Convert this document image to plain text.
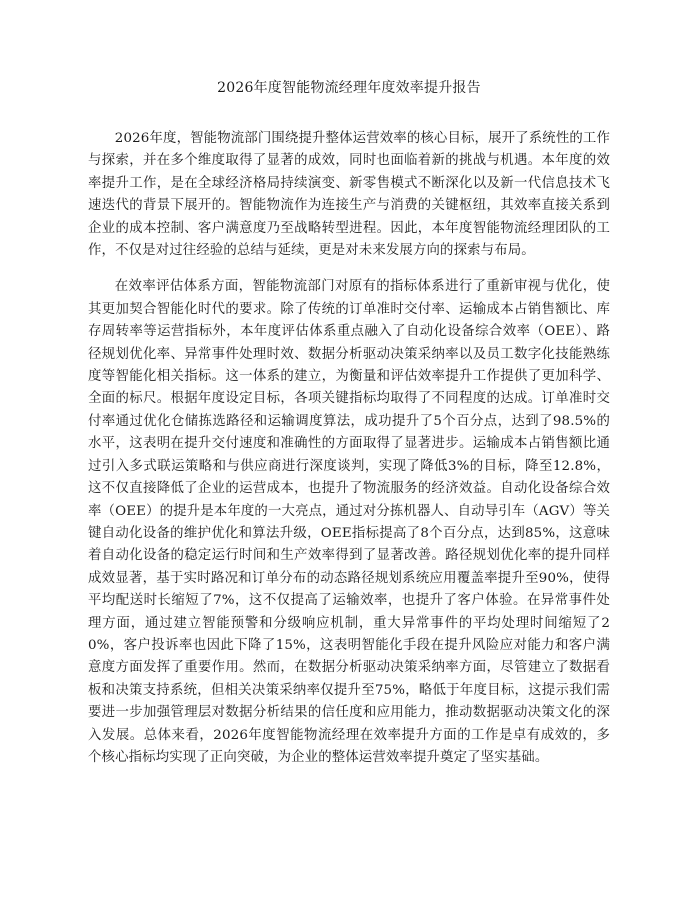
2026年度智能物流经理年度效率提升报告

2026年度，智能物流部门围绕提升整体运营效率的核心目标，展开了系统性的工作与探索，并在多个维度取得了显著的成效，同时也面临着新的挑战与机遇。本年度的效率提升工作，是在全球经济格局持续演变、新零售模式不断深化以及新一代信息技术飞速迭代的背景下展开的。智能物流作为连接生产与消费的关键枢纽，其效率直接关系到企业的成本控制、客户满意度乃至战略转型进程。因此，本年度智能物流经理团队的工作，不仅是对过往经验的总结与延续，更是对未来发展方向的探索与布局。

在效率评估体系方面，智能物流部门对原有的指标体系进行了重新审视与优化，使其更加契合智能化时代的要求。除了传统的订单准时交付率、运输成本占销售额比、库存周转率等运营指标外，本年度评估体系重点融入了自动化设备综合效率（OEE）、路径规划优化率、异常事件处理时效、数据分析驱动决策采纳率以及员工数字化技能熟练度等智能化相关指标。这一体系的建立，为衡量和评估效率提升工作提供了更加科学、全面的标尺。根据年度设定目标，各项关键指标均取得了不同程度的达成。订单准时交付率通过优化仓储拣选路径和运输调度算法，成功提升了5个百分点，达到了98.5%的水平，这表明在提升交付速度和准确性的方面取得了显著进步。运输成本占销售额比通过引入多式联运策略和与供应商进行深度谈判，实现了降低3%的目标，降至12.8%，这不仅直接降低了企业的运营成本，也提升了物流服务的经济效益。自动化设备综合效率（OEE）的提升是本年度的一大亮点，通过对分拣机器人、自动导引车（AGV）等关键自动化设备的维护优化和算法升级，OEE指标提高了8个百分点，达到85%，这意味着自动化设备的稳定运行时间和生产效率得到了显著改善。路径规划优化率的提升同样成效显著，基于实时路况和订单分布的动态路径规划系统应用覆盖率提升至90%，使得平均配送时长缩短了7%，这不仅提高了运输效率，也提升了客户体验。在异常事件处理方面，通过建立智能预警和分级响应机制，重大异常事件的平均处理时间缩短了20%，客户投诉率也因此下降了15%，这表明智能化手段在提升风险应对能力和客户满意度方面发挥了重要作用。然而，在数据分析驱动决策采纳率方面，尽管建立了数据看板和决策支持系统，但相关决策采纳率仅提升至75%，略低于年度目标，这提示我们需要进一步加强管理层对数据分析结果的信任度和应用能力，推动数据驱动决策文化的深入发展。总体来看，2026年度智能物流经理在效率提升方面的工作是卓有成效的，多个核心指标均实现了正向突破，为企业的整体运营效率提升奠定了坚实基础。
